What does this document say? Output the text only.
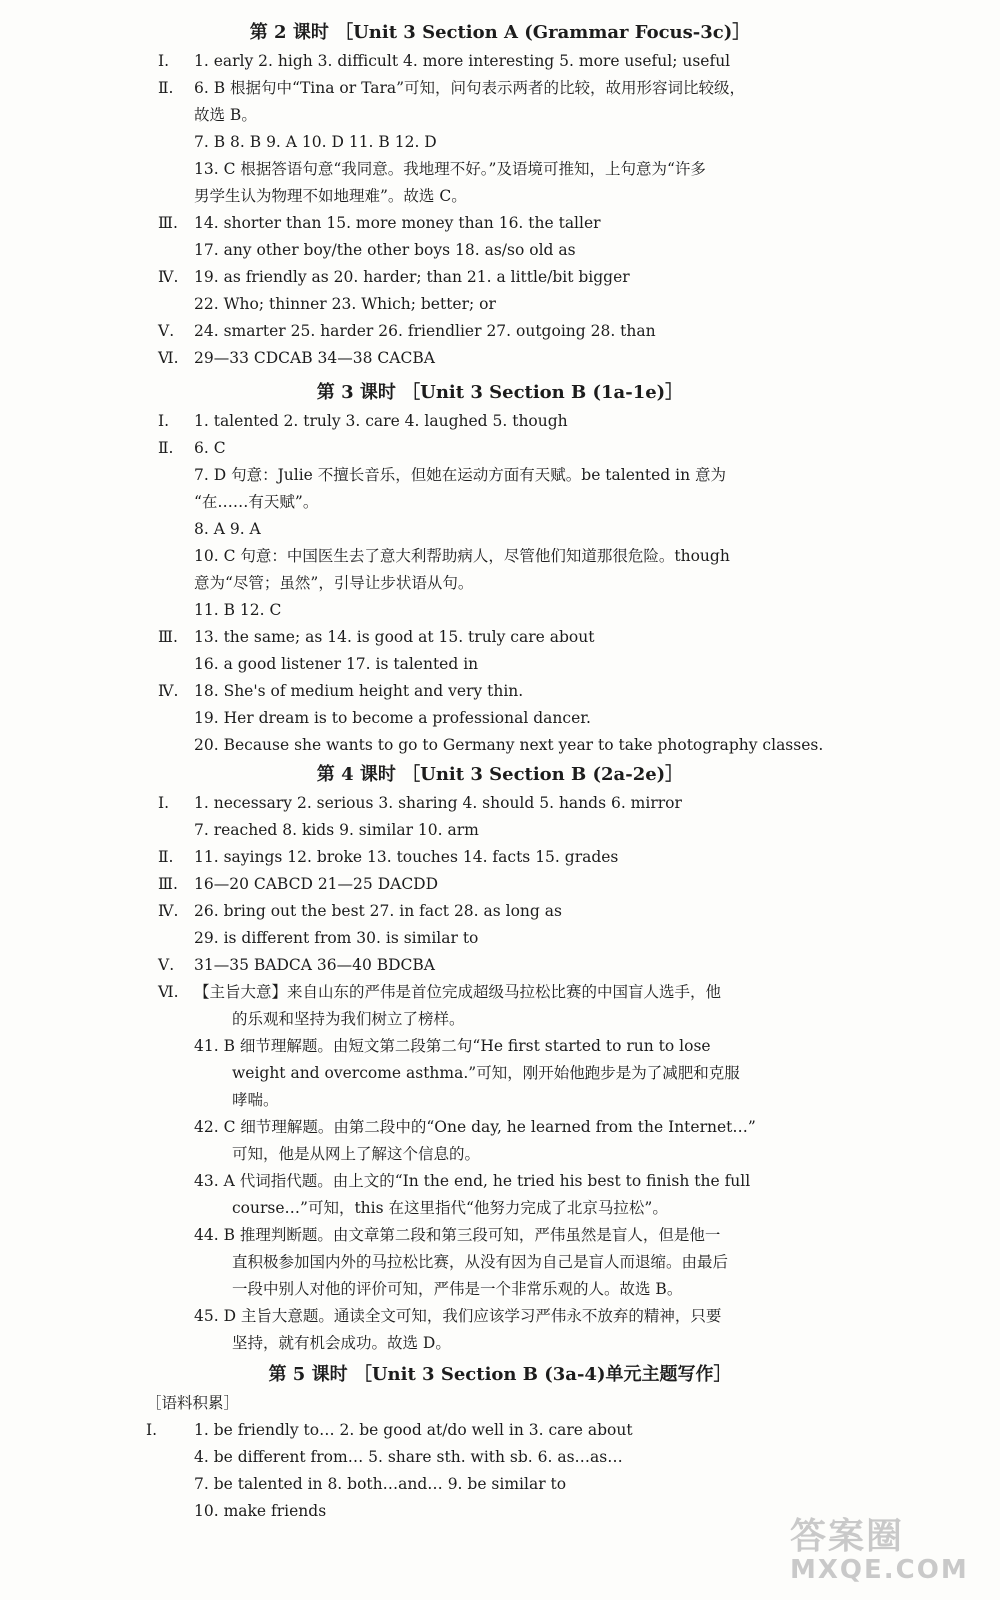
第 2 课时 ［Unit 3 Section A (Grammar Focus-3c)］
Ⅰ. 1. early 2. high 3. difficult 4. more interesting 5. more useful; useful
Ⅱ. 6. B 根据句中“Tina or Tara”可知，问句表示两者的比较，故用形容词比较级，
故选 B。
7. B 8. B 9. A 10. D 11. B 12. D
13. C 根据答语句意“我同意。我地理不好。”及语境可推知，上句意为“许多
男学生认为物理不如地理难”。故选 C。
Ⅲ. 14. shorter than 15. more money than 16. the taller
17. any other boy/the other boys 18. as/so old as
Ⅳ. 19. as friendly as 20. harder; than 21. a little/bit bigger
22. Who; thinner 23. Which; better; or
Ⅴ. 24. smarter 25. harder 26. friendlier 27. outgoing 28. than
Ⅵ. 29—33 CDCAB 34—38 CACBA
第 3 课时 ［Unit 3 Section B (1a-1e)］
Ⅰ. 1. talented 2. truly 3. care 4. laughed 5. though
Ⅱ. 6. C
7. D 句意：Julie 不擅长音乐，但她在运动方面有天赋。be talented in 意为
“在……有天赋”。
8. A 9. A
10. C 句意：中国医生去了意大利帮助病人，尽管他们知道那很危险。though
意为“尽管；虽然”，引导让步状语从句。
11. B 12. C
Ⅲ. 13. the same; as 14. is good at 15. truly care about
16. a good listener 17. is talented in
Ⅳ. 18. She's of medium height and very thin.
19. Her dream is to become a professional dancer.
20. Because she wants to go to Germany next year to take photography classes.
第 4 课时 ［Unit 3 Section B (2a-2e)］
Ⅰ. 1. necessary 2. serious 3. sharing 4. should 5. hands 6. mirror
7. reached 8. kids 9. similar 10. arm
Ⅱ. 11. sayings 12. broke 13. touches 14. facts 15. grades
Ⅲ. 16—20 CABCD 21—25 DACDD
Ⅳ. 26. bring out the best 27. in fact 28. as long as
29. is different from 30. is similar to
Ⅴ. 31—35 BADCA 36—40 BDCBA
Ⅵ. 【主旨大意】来自山东的严伟是首位完成超级马拉松比赛的中国盲人选手，他
的乐观和坚持为我们树立了榜样。
41. B 细节理解题。由短文第二段第二句“He first started to run to lose
weight and overcome asthma.”可知，刚开始他跑步是为了减肥和克服
哮喘。
42. C 细节理解题。由第二段中的“One day, he learned from the Internet…”
可知，他是从网上了解这个信息的。
43. A 代词指代题。由上文的“In the end, he tried his best to finish the full
course…”可知，this 在这里指代“他努力完成了北京马拉松”。
44. B 推理判断题。由文章第二段和第三段可知，严伟虽然是盲人，但是他一
直积极参加国内外的马拉松比赛，从没有因为自己是盲人而退缩。由最后
一段中别人对他的评价可知，严伟是一个非常乐观的人。故选 B。
45. D 主旨大意题。通读全文可知，我们应该学习严伟永不放弃的精神，只要
坚持，就有机会成功。故选 D。
第 5 课时 ［Unit 3 Section B (3a-4)单元主题写作］
［语料积累］
Ⅰ. 1. be friendly to… 2. be good at/do well in 3. care about
4. be different from… 5. share sth. with sb. 6. as…as…
7. be talented in 8. both…and… 9. be similar to
10. make friends
答案圈
MXQE.COM
